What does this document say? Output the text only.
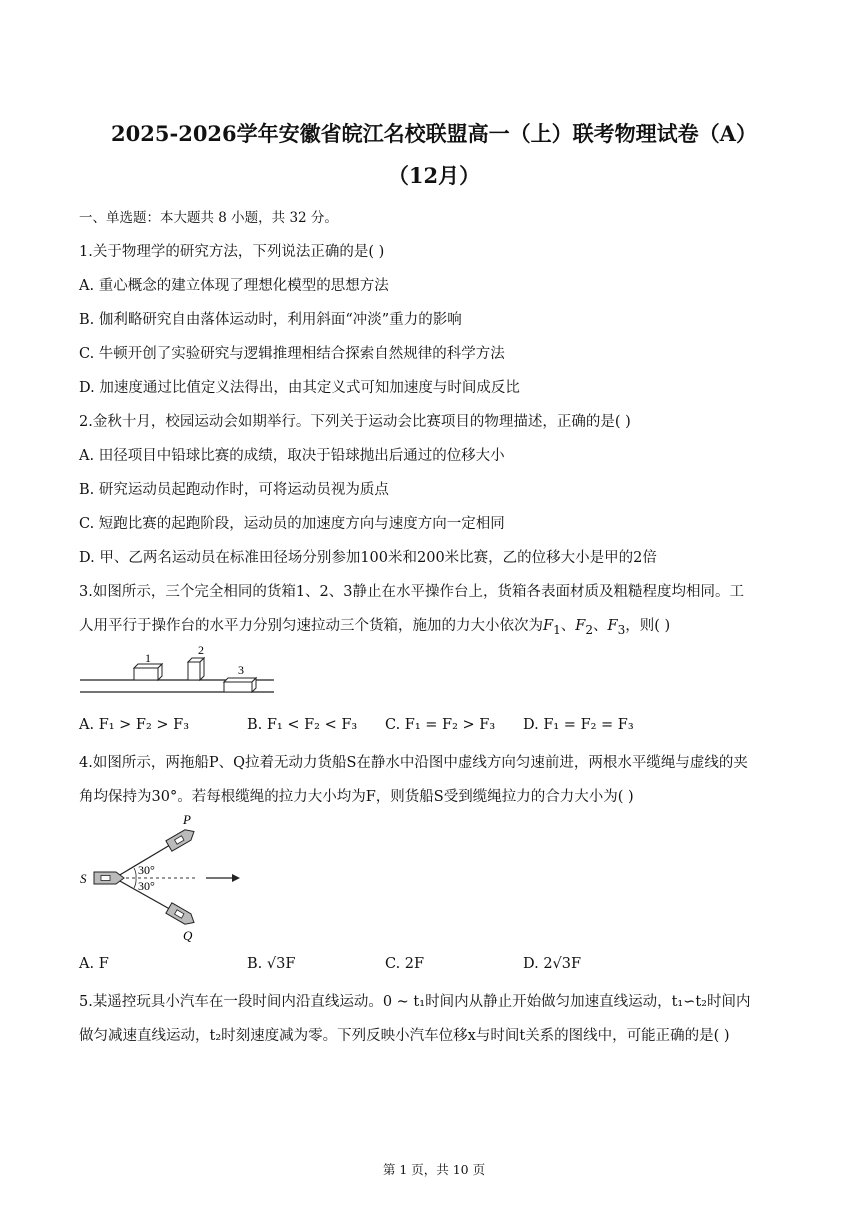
2025-2026学年安徽省皖江名校联盟高一（上）联考物理试卷（A）
（12月）
一、单选题：本大题共 8 小题，共 32 分。
1.关于物理学的研究方法，下列说法正确的是( )
A. 重心概念的建立体现了理想化模型的思想方法
B. 伽利略研究自由落体运动时，利用斜面“冲淡”重力的影响
C. 牛顿开创了实验研究与逻辑推理相结合探索自然规律的科学方法
D. 加速度通过比值定义法得出，由其定义式可知加速度与时间成反比
2.金秋十月，校园运动会如期举行。下列关于运动会比赛项目的物理描述，正确的是( )
A. 田径项目中铅球比赛的成绩，取决于铅球抛出后通过的位移大小
B. 研究运动员起跑动作时，可将运动员视为质点
C. 短跑比赛的起跑阶段，运动员的加速度方向与速度方向一定相同
D. 甲、乙两名运动员在标准田径场分别参加100米和200米比赛，乙的位移大小是甲的2倍
3.如图所示，三个完全相同的货箱1、2、3静止在水平操作台上，货箱各表面材质及粗糙程度均相同。工
人用平行于操作台的水平力分别匀速拉动三个货箱，施加的力大小依次为$F_1$、$F_2$、$F_3$，则( )
1
2
3
A. F₁ > F₂ > F₃	B. F₁ < F₂ < F₃ C. F₁ = F₂ > F₃ D. F₁ = F₂ = F₃
4.如图所示，两拖船P、Q拉着无动力货船S在静水中沿图中虚线方向匀速前进，两根水平缆绳与虚线的夹
角均保持为30°。若每根缆绳的拉力大小均为F，则货船S受到缆绳拉力的合力大小为( )
P
Q
S
30°
30°
A. F	B. √3F	C. 2F	D. 2√3F
5.某遥控玩具小汽车在一段时间内沿直线运动。0 ~ t₁时间内从静止开始做匀加速直线运动，t₁∽t₂时间内
做匀减速直线运动，t₂时刻速度减为零。下列反映小汽车位移x与时间t关系的图线中，可能正确的是( )
第 1 页，共 10 页
